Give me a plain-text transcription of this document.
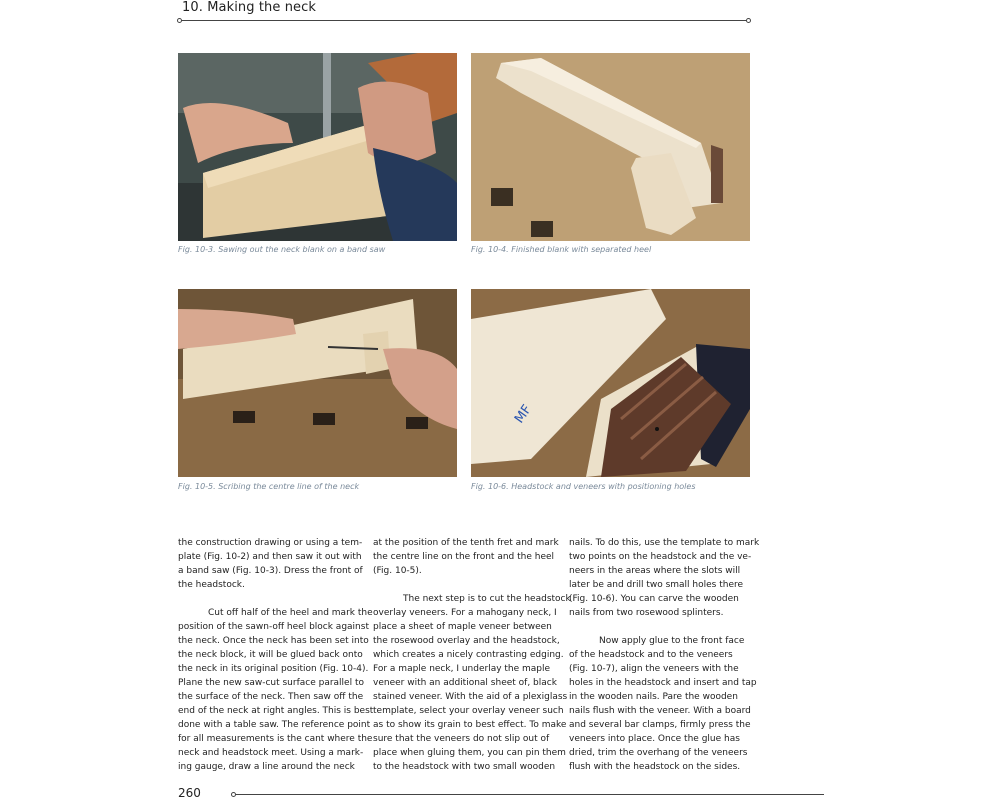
10. Making the neck
Fig. 10-3. Sawing out the neck blank on a band saw	Fig. 10-4. Finished blank with separated heel
Fig. 10-5. Scribing the centre line of the neck
MF
Fig. 10-6. Headstock and veneers with positioning holes
the construction drawing or using a tem-
plate (Fig. 10-2) and then saw it out with
a band saw (Fig. 10-3). Dress the front of
the headstock.
Cut off half of the heel and mark the
position of the sawn-off heel block against
the neck. Once the neck has been set into
the neck block, it will be glued back onto
the neck in its original position (Fig. 10-4).
Plane the new saw-cut surface parallel to
the surface of the neck. Then saw off the
end of the neck at right angles. This is best
done with a table saw. The reference point
for all measurements is the cant where the
neck and headstock meet. Using a mark-
ing gauge, draw a line around the neck
at the position of the tenth fret and mark
the centre line on the front and the heel
(Fig. 10-5).
The next step is to cut the headstock
overlay veneers. For a mahogany neck, I
place a sheet of maple veneer between
the rosewood overlay and the headstock,
which creates a nicely contrasting edging.
For a maple neck, I underlay the maple
veneer with an additional sheet of, black
stained veneer. With the aid of a plexiglass
template, select your overlay veneer such
as to show its grain to best effect. To make
sure that the veneers do not slip out of
place when gluing them, you can pin them
to the headstock with two small wooden
nails. To do this, use the template to mark
two points on the headstock and the ve-
neers in the areas where the slots will
later be and drill two small holes there
(Fig. 10-6). You can carve the wooden
nails from two rosewood splinters.
Now apply glue to the front face
of the headstock and to the veneers
(Fig. 10-7), align the veneers with the
holes in the headstock and insert and tap
in the wooden nails. Pare the wooden
nails flush with the veneer. With a board
and several bar clamps, firmly press the
veneers into place. Once the glue has
dried, trim the overhang of the veneers
flush with the headstock on the sides.
260
